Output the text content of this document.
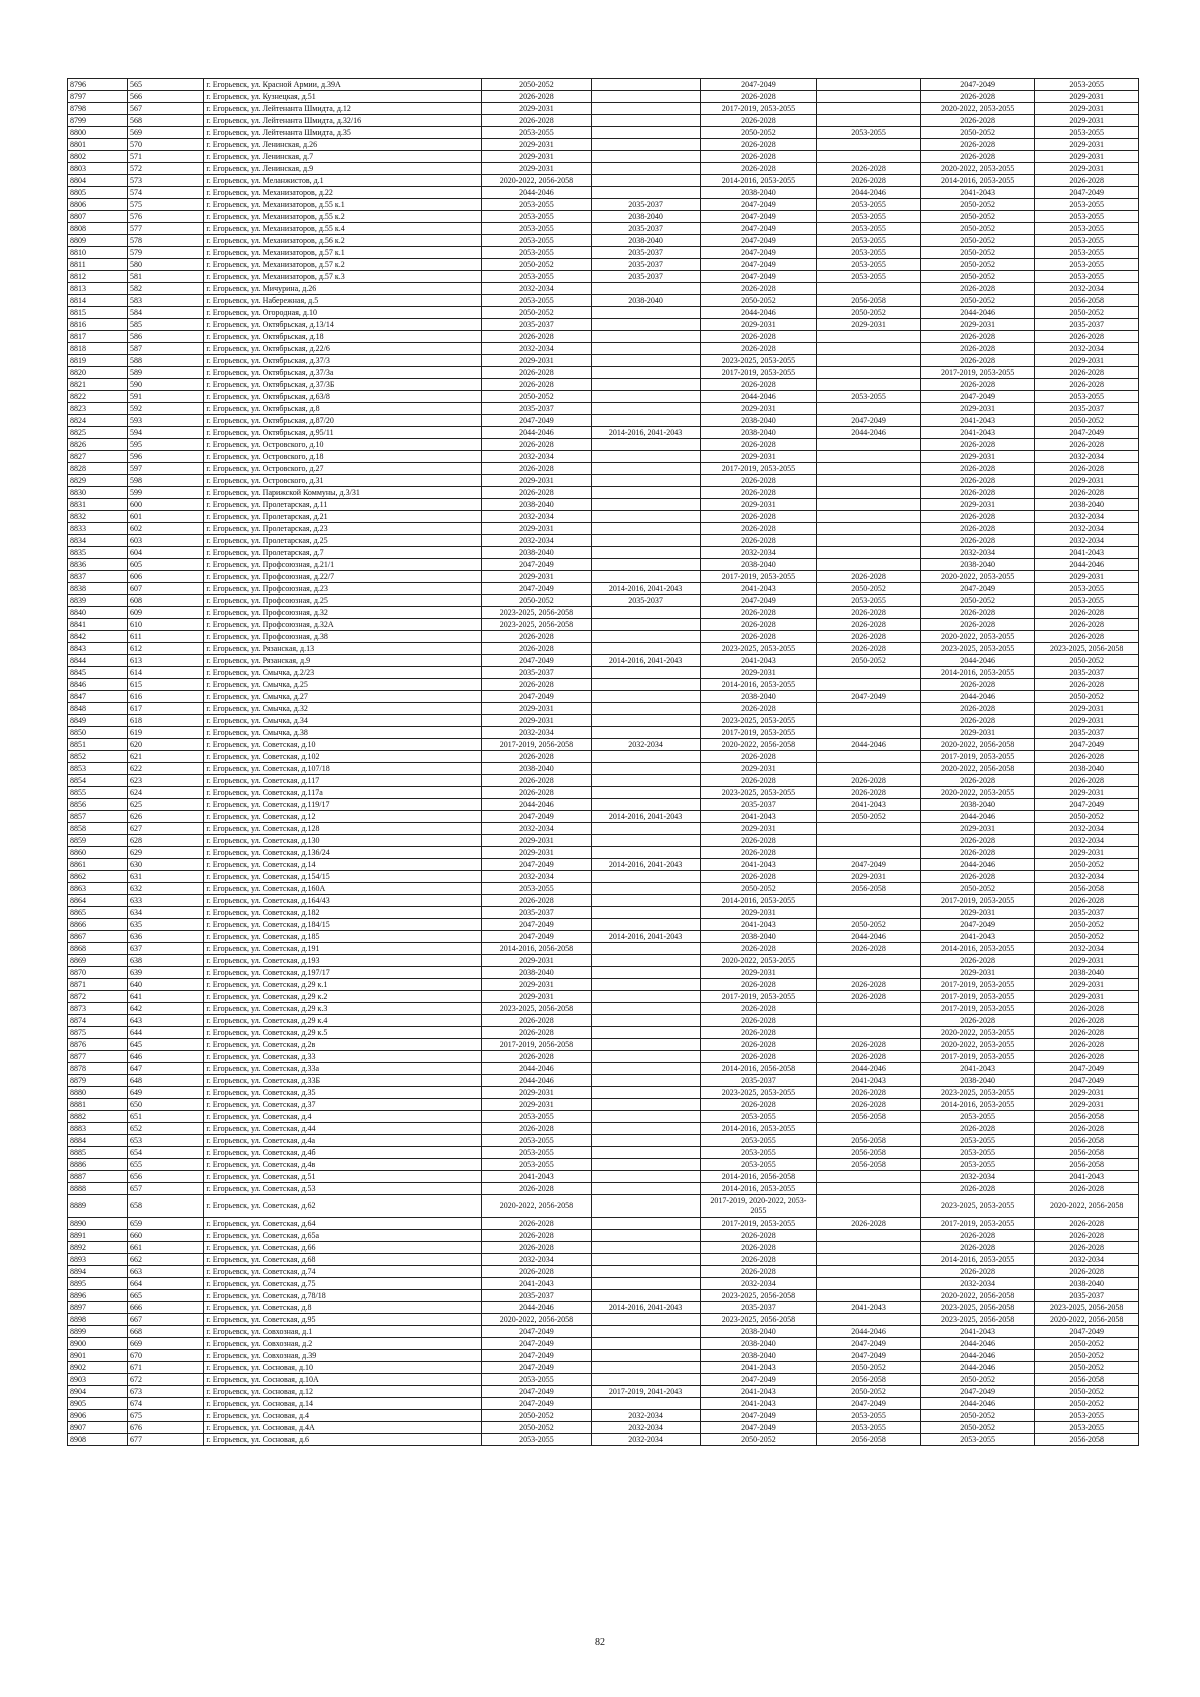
8796	565	г. Егорьевск, ул. Красной Армии, д.39А	2050-2052		2047-2049		2047-2049	2053-2055
8797	566	г. Егорьевск, ул. Кузнецкая, д.51	2026-2028		2026-2028		2026-2028	2029-2031
8798	567	г. Егорьевск, ул. Лейтенанта Шмидта, д.12	2029-2031		2017-2019, 2053-2055		2020-2022, 2053-2055	2029-2031
8799	568	г. Егорьевск, ул. Лейтенанта Шмидта, д.32/16	2026-2028		2026-2028		2026-2028	2029-2031
8800	569	г. Егорьевск, ул. Лейтенанта Шмидта, д.35	2053-2055		2050-2052	2053-2055	2050-2052	2053-2055
8801	570	г. Егорьевск, ул. Ленинская, д.26	2029-2031		2026-2028		2026-2028	2029-2031
8802	571	г. Егорьевск, ул. Ленинская, д.7	2029-2031		2026-2028		2026-2028	2029-2031
8803	572	г. Егорьевск, ул. Ленинская, д.9	2029-2031		2026-2028	2026-2028	2020-2022, 2053-2055	2029-2031
8804	573	г. Егорьевск, ул. Меланжистов, д.1	2020-2022, 2056-2058		2014-2016, 2053-2055	2026-2028	2014-2016, 2053-2055	2026-2028
8805	574	г. Егорьевск, ул. Механизаторов, д.22	2044-2046		2038-2040	2044-2046	2041-2043	2047-2049
8806	575	г. Егорьевск, ул. Механизаторов, д.55 к.1	2053-2055	2035-2037	2047-2049	2053-2055	2050-2052	2053-2055
8807	576	г. Егорьевск, ул. Механизаторов, д.55 к.2	2053-2055	2038-2040	2047-2049	2053-2055	2050-2052	2053-2055
8808	577	г. Егорьевск, ул. Механизаторов, д.55 к.4	2053-2055	2035-2037	2047-2049	2053-2055	2050-2052	2053-2055
8809	578	г. Егорьевск, ул. Механизаторов, д.56 к.2	2053-2055	2038-2040	2047-2049	2053-2055	2050-2052	2053-2055
8810	579	г. Егорьевск, ул. Механизаторов, д.57 к.1	2053-2055	2035-2037	2047-2049	2053-2055	2050-2052	2053-2055
8811	580	г. Егорьевск, ул. Механизаторов, д.57 к.2	2050-2052	2035-2037	2047-2049	2053-2055	2050-2052	2053-2055
8812	581	г. Егорьевск, ул. Механизаторов, д.57 к.3	2053-2055	2035-2037	2047-2049	2053-2055	2050-2052	2053-2055
8813	582	г. Егорьевск, ул. Мичурина, д.26	2032-2034		2026-2028		2026-2028	2032-2034
8814	583	г. Егорьевск, ул. Набережная, д.5	2053-2055	2038-2040	2050-2052	2056-2058	2050-2052	2056-2058
8815	584	г. Егорьевск, ул. Огородная, д.10	2050-2052		2044-2046	2050-2052	2044-2046	2050-2052
8816	585	г. Егорьевск, ул. Октябрьская, д.13/14	2035-2037		2029-2031	2029-2031	2029-2031	2035-2037
8817	586	г. Егорьевск, ул. Октябрьская, д.18	2026-2028		2026-2028		2026-2028	2026-2028
8818	587	г. Егорьевск, ул. Октябрьская, д.22/6	2032-2034		2026-2028		2026-2028	2032-2034
8819	588	г. Егорьевск, ул. Октябрьская, д.37/3	2029-2031		2023-2025, 2053-2055		2026-2028	2029-2031
8820	589	г. Егорьевск, ул. Октябрьская, д.37/3а	2026-2028		2017-2019, 2053-2055		2017-2019, 2053-2055	2026-2028
8821	590	г. Егорьевск, ул. Октябрьская, д.37/3Б	2026-2028		2026-2028		2026-2028	2026-2028
8822	591	г. Егорьевск, ул. Октябрьская, д.63/8	2050-2052		2044-2046	2053-2055	2047-2049	2053-2055
8823	592	г. Егорьевск, ул. Октябрьская, д.8	2035-2037		2029-2031		2029-2031	2035-2037
8824	593	г. Егорьевск, ул. Октябрьская, д.87/20	2047-2049		2038-2040	2047-2049	2041-2043	2050-2052
8825	594	г. Егорьевск, ул. Октябрьская, д.95/11	2044-2046	2014-2016, 2041-2043	2038-2040	2044-2046	2041-2043	2047-2049
8826	595	г. Егорьевск, ул. Островского, д.10	2026-2028		2026-2028		2026-2028	2026-2028
8827	596	г. Егорьевск, ул. Островского, д.18	2032-2034		2029-2031		2029-2031	2032-2034
8828	597	г. Егорьевск, ул. Островского, д.27	2026-2028		2017-2019, 2053-2055		2026-2028	2026-2028
8829	598	г. Егорьевск, ул. Островского, д.31	2029-2031		2026-2028		2026-2028	2029-2031
8830	599	г. Егорьевск, ул. Парижской Коммуны, д.3/31	2026-2028		2026-2028		2026-2028	2026-2028
8831	600	г. Егорьевск, ул. Пролетарская, д.11	2038-2040		2029-2031		2029-2031	2038-2040
8832	601	г. Егорьевск, ул. Пролетарская, д.21	2032-2034		2026-2028		2026-2028	2032-2034
8833	602	г. Егорьевск, ул. Пролетарская, д.23	2029-2031		2026-2028		2026-2028	2032-2034
8834	603	г. Егорьевск, ул. Пролетарская, д.25	2032-2034		2026-2028		2026-2028	2032-2034
8835	604	г. Егорьевск, ул. Пролетарская, д.7	2038-2040		2032-2034		2032-2034	2041-2043
8836	605	г. Егорьевск, ул. Профсоюзная, д.21/1	2047-2049		2038-2040		2038-2040	2044-2046
8837	606	г. Егорьевск, ул. Профсоюзная, д.22/7	2029-2031		2017-2019, 2053-2055	2026-2028	2020-2022, 2053-2055	2029-2031
8838	607	г. Егорьевск, ул. Профсоюзная, д.23	2047-2049	2014-2016, 2041-2043	2041-2043	2050-2052	2047-2049	2053-2055
8839	608	г. Егорьевск, ул. Профсоюзная, д.25	2050-2052	2035-2037	2047-2049	2053-2055	2050-2052	2053-2055
8840	609	г. Егорьевск, ул. Профсоюзная, д.32	2023-2025, 2056-2058		2026-2028	2026-2028	2026-2028	2026-2028
8841	610	г. Егорьевск, ул. Профсоюзная, д.32А	2023-2025, 2056-2058		2026-2028	2026-2028	2026-2028	2026-2028
8842	611	г. Егорьевск, ул. Профсоюзная, д.38	2026-2028		2026-2028	2026-2028	2020-2022, 2053-2055	2026-2028
8843	612	г. Егорьевск, ул. Рязанская, д.13	2026-2028		2023-2025, 2053-2055	2026-2028	2023-2025, 2053-2055	2023-2025, 2056-2058
8844	613	г. Егорьевск, ул. Рязанская, д.9	2047-2049	2014-2016, 2041-2043	2041-2043	2050-2052	2044-2046	2050-2052
8845	614	г. Егорьевск, ул. Смычка, д.2/23	2035-2037		2029-2031		2014-2016, 2053-2055	2035-2037
8846	615	г. Егорьевск, ул. Смычка, д.25	2026-2028		2014-2016, 2053-2055		2026-2028	2026-2028
8847	616	г. Егорьевск, ул. Смычка, д.27	2047-2049		2038-2040	2047-2049	2044-2046	2050-2052
8848	617	г. Егорьевск, ул. Смычка, д.32	2029-2031		2026-2028		2026-2028	2029-2031
8849	618	г. Егорьевск, ул. Смычка, д.34	2029-2031		2023-2025, 2053-2055		2026-2028	2029-2031
8850	619	г. Егорьевск, ул. Смычка, д.38	2032-2034		2017-2019, 2053-2055		2029-2031	2035-2037
8851	620	г. Егорьевск, ул. Советская, д.10	2017-2019, 2056-2058	2032-2034	2020-2022, 2056-2058	2044-2046	2020-2022, 2056-2058	2047-2049
8852	621	г. Егорьевск, ул. Советская, д.102	2026-2028		2026-2028		2017-2019, 2053-2055	2026-2028
8853	622	г. Егорьевск, ул. Советская, д.107/18	2038-2040		2029-2031		2020-2022, 2056-2058	2038-2040
8854	623	г. Егорьевск, ул. Советская, д.117	2026-2028		2026-2028	2026-2028	2026-2028	2026-2028
8855	624	г. Егорьевск, ул. Советская, д.117а	2026-2028		2023-2025, 2053-2055	2026-2028	2020-2022, 2053-2055	2029-2031
8856	625	г. Егорьевск, ул. Советская, д.119/17	2044-2046		2035-2037	2041-2043	2038-2040	2047-2049
8857	626	г. Егорьевск, ул. Советская, д.12	2047-2049	2014-2016, 2041-2043	2041-2043	2050-2052	2044-2046	2050-2052
8858	627	г. Егорьевск, ул. Советская, д.128	2032-2034		2029-2031		2029-2031	2032-2034
8859	628	г. Егорьевск, ул. Советская, д.130	2029-2031		2026-2028		2026-2028	2032-2034
8860	629	г. Егорьевск, ул. Советская, д.136/24	2029-2031		2026-2028		2026-2028	2029-2031
8861	630	г. Егорьевск, ул. Советская, д.14	2047-2049	2014-2016, 2041-2043	2041-2043	2047-2049	2044-2046	2050-2052
8862	631	г. Егорьевск, ул. Советская, д.154/15	2032-2034		2026-2028	2029-2031	2026-2028	2032-2034
8863	632	г. Егорьевск, ул. Советская, д.160А	2053-2055		2050-2052	2056-2058	2050-2052	2056-2058
8864	633	г. Егорьевск, ул. Советская, д.164/43	2026-2028		2014-2016, 2053-2055		2017-2019, 2053-2055	2026-2028
8865	634	г. Егорьевск, ул. Советская, д.182	2035-2037		2029-2031		2029-2031	2035-2037
8866	635	г. Егорьевск, ул. Советская, д.184/15	2047-2049		2041-2043	2050-2052	2047-2049	2050-2052
8867	636	г. Егорьевск, ул. Советская, д.185	2047-2049	2014-2016, 2041-2043	2038-2040	2044-2046	2041-2043	2050-2052
8868	637	г. Егорьевск, ул. Советская, д.191	2014-2016, 2056-2058		2026-2028	2026-2028	2014-2016, 2053-2055	2032-2034
8869	638	г. Егорьевск, ул. Советская, д.193	2029-2031		2020-2022, 2053-2055		2026-2028	2029-2031
8870	639	г. Егорьевск, ул. Советская, д.197/17	2038-2040		2029-2031		2029-2031	2038-2040
8871	640	г. Егорьевск, ул. Советская, д.29 к.1	2029-2031		2026-2028	2026-2028	2017-2019, 2053-2055	2029-2031
8872	641	г. Егорьевск, ул. Советская, д.29 к.2	2029-2031		2017-2019, 2053-2055	2026-2028	2017-2019, 2053-2055	2029-2031
8873	642	г. Егорьевск, ул. Советская, д.29 к.3	2023-2025, 2056-2058		2026-2028		2017-2019, 2053-2055	2026-2028
8874	643	г. Егорьевск, ул. Советская, д.29 к.4	2026-2028		2026-2028		2026-2028	2026-2028
8875	644	г. Егорьевск, ул. Советская, д.29 к.5	2026-2028		2026-2028		2020-2022, 2053-2055	2026-2028
8876	645	г. Егорьевск, ул. Советская, д.2в	2017-2019, 2056-2058		2026-2028	2026-2028	2020-2022, 2053-2055	2026-2028
8877	646	г. Егорьевск, ул. Советская, д.33	2026-2028		2026-2028	2026-2028	2017-2019, 2053-2055	2026-2028
8878	647	г. Егорьевск, ул. Советская, д.33а	2044-2046		2014-2016, 2056-2058	2044-2046	2041-2043	2047-2049
8879	648	г. Егорьевск, ул. Советская, д.33Б	2044-2046		2035-2037	2041-2043	2038-2040	2047-2049
8880	649	г. Егорьевск, ул. Советская, д.35	2029-2031		2023-2025, 2053-2055	2026-2028	2023-2025, 2053-2055	2029-2031
8881	650	г. Егорьевск, ул. Советская, д.37	2029-2031		2026-2028	2026-2028	2014-2016, 2053-2055	2029-2031
8882	651	г. Егорьевск, ул. Советская, д.4	2053-2055		2053-2055	2056-2058	2053-2055	2056-2058
8883	652	г. Егорьевск, ул. Советская, д.44	2026-2028		2014-2016, 2053-2055		2026-2028	2026-2028
8884	653	г. Егорьевск, ул. Советская, д.4а	2053-2055		2053-2055	2056-2058	2053-2055	2056-2058
8885	654	г. Егорьевск, ул. Советская, д.4б	2053-2055		2053-2055	2056-2058	2053-2055	2056-2058
8886	655	г. Егорьевск, ул. Советская, д.4в	2053-2055		2053-2055	2056-2058	2053-2055	2056-2058
8887	656	г. Егорьевск, ул. Советская, д.51	2041-2043		2014-2016, 2056-2058		2032-2034	2041-2043
8888	657	г. Егорьевск, ул. Советская, д.53	2026-2028		2014-2016, 2053-2055		2026-2028	2026-2028
8889	658	г. Егорьевск, ул. Советская, д.62	2020-2022, 2056-2058		2017-2019, 2020-2022, 2053-2055		2023-2025, 2053-2055	2020-2022, 2056-2058
8890	659	г. Егорьевск, ул. Советская, д.64	2026-2028		2017-2019, 2053-2055	2026-2028	2017-2019, 2053-2055	2026-2028
8891	660	г. Егорьевск, ул. Советская, д.65а	2026-2028		2026-2028		2026-2028	2026-2028
8892	661	г. Егорьевск, ул. Советская, д.66	2026-2028		2026-2028		2026-2028	2026-2028
8893	662	г. Егорьевск, ул. Советская, д.68	2032-2034		2026-2028		2014-2016, 2053-2055	2032-2034
8894	663	г. Егорьевск, ул. Советская, д.74	2026-2028		2026-2028		2026-2028	2026-2028
8895	664	г. Егорьевск, ул. Советская, д.75	2041-2043		2032-2034		2032-2034	2038-2040
8896	665	г. Егорьевск, ул. Советская, д.78/18	2035-2037		2023-2025, 2056-2058		2020-2022, 2056-2058	2035-2037
8897	666	г. Егорьевск, ул. Советская, д.8	2044-2046	2014-2016, 2041-2043	2035-2037	2041-2043	2023-2025, 2056-2058	2023-2025, 2056-2058
8898	667	г. Егорьевск, ул. Советская, д.95	2020-2022, 2056-2058		2023-2025, 2056-2058		2023-2025, 2056-2058	2020-2022, 2056-2058
8899	668	г. Егорьевск, ул. Совхозная, д.1	2047-2049		2038-2040	2044-2046	2041-2043	2047-2049
8900	669	г. Егорьевск, ул. Совхозная, д.2	2047-2049		2038-2040	2047-2049	2044-2046	2050-2052
8901	670	г. Егорьевск, ул. Совхозная, д.39	2047-2049		2038-2040	2047-2049	2044-2046	2050-2052
8902	671	г. Егорьевск, ул. Сосновая, д.10	2047-2049		2041-2043	2050-2052	2044-2046	2050-2052
8903	672	г. Егорьевск, ул. Сосновая, д.10А	2053-2055		2047-2049	2056-2058	2050-2052	2056-2058
8904	673	г. Егорьевск, ул. Сосновая, д.12	2047-2049	2017-2019, 2041-2043	2041-2043	2050-2052	2047-2049	2050-2052
8905	674	г. Егорьевск, ул. Сосновая, д.14	2047-2049		2041-2043	2047-2049	2044-2046	2050-2052
8906	675	г. Егорьевск, ул. Сосновая, д.4	2050-2052	2032-2034	2047-2049	2053-2055	2050-2052	2053-2055
8907	676	г. Егорьевск, ул. Сосновая, д.4А	2050-2052	2032-2034	2047-2049	2053-2055	2050-2052	2053-2055
8908	677	г. Егорьевск, ул. Сосновая, д.6	2053-2055	2032-2034	2050-2052	2056-2058	2053-2055	2056-2058
82
